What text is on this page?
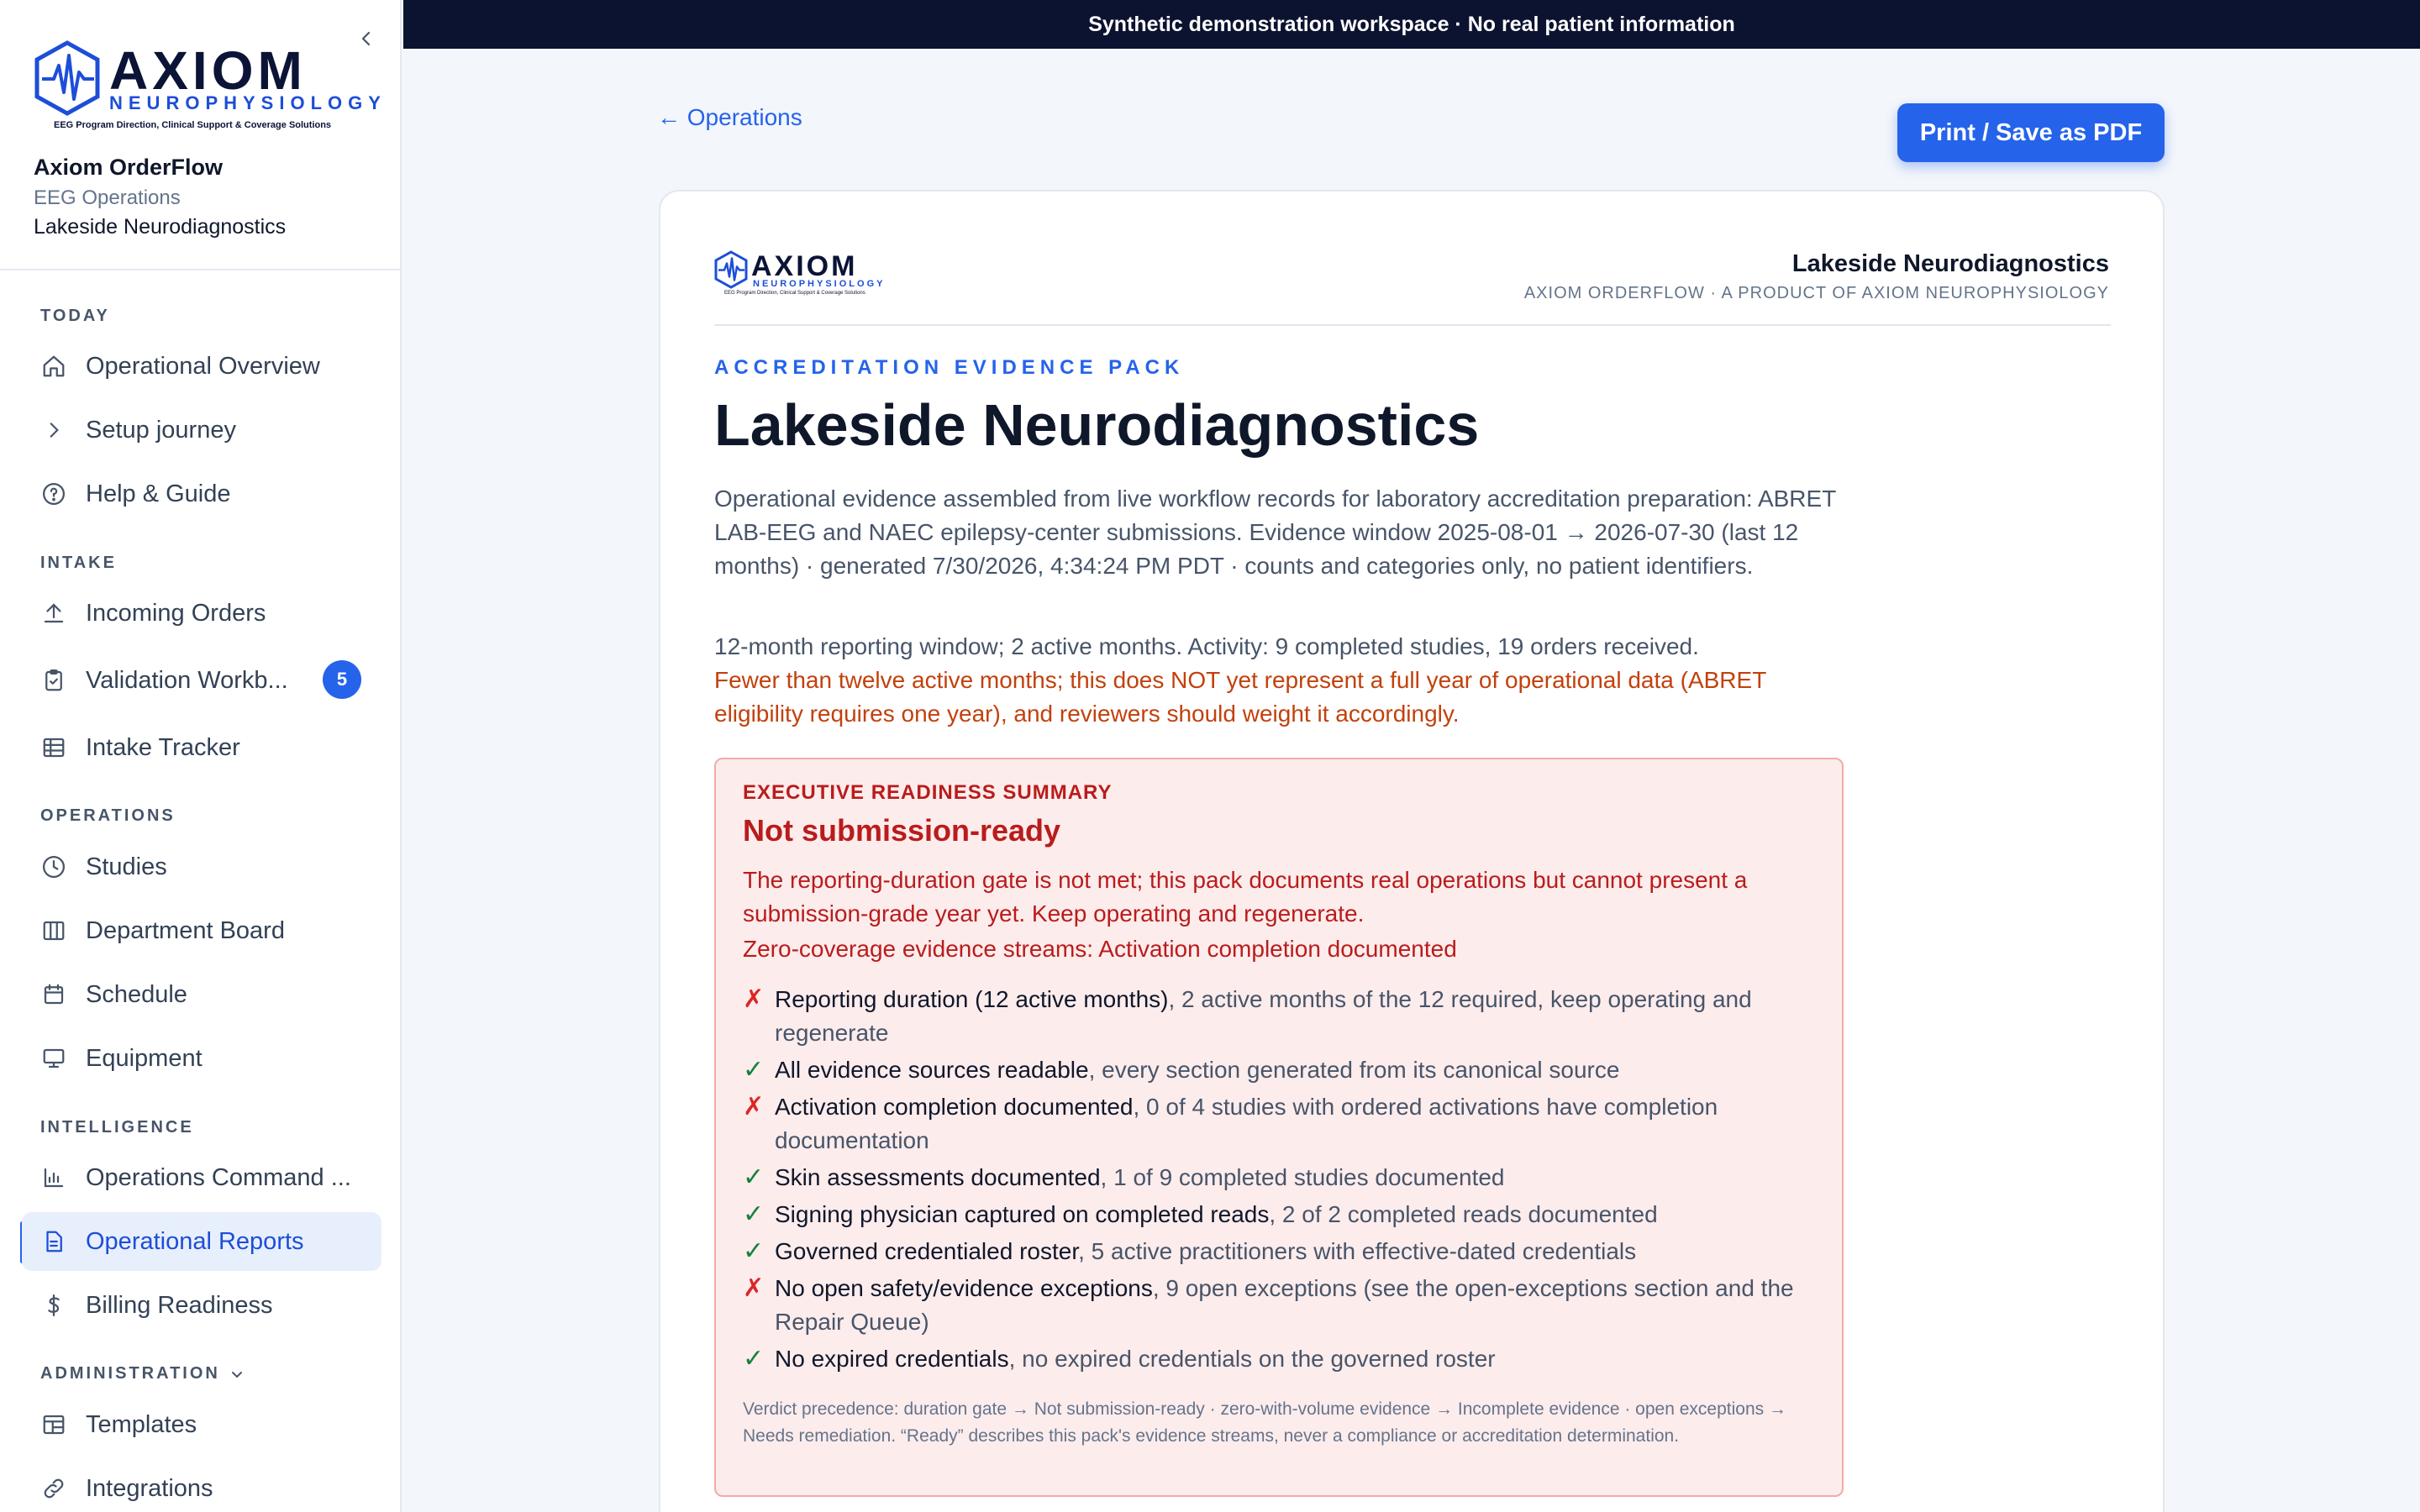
AXIOM
NEUROPHYSIOLOGY
EEG Program Direction, Clinical Support & Coverage Solutions
Axiom OrderFlow
EEG Operations
Lakeside Neurodiagnostics
TODAY
Operational Overview
Setup journey
Help & Guide
INTAKE
Incoming Orders
Validation Workb...	5
Intake Tracker
OPERATIONS
Studies
Department Board
Schedule
Equipment
INTELLIGENCE
Operations Command ...
Operational Reports
Billing Readiness
ADMINISTRATION
Templates
Integrations
Synthetic demonstration workspace · No real patient information
← Operations
Print / Save as PDF
AXIOM
NEUROPHYSIOLOGY
EEG Program Direction, Clinical Support & Coverage Solutions
Lakeside Neurodiagnostics
AXIOM ORDERFLOW · A PRODUCT OF AXIOM NEUROPHYSIOLOGY
ACCREDITATION EVIDENCE PACK
Lakeside Neurodiagnostics

Operational evidence assembled from live workflow records for laboratory accreditation preparation: ABRET LAB-EEG and NAEC epilepsy-center submissions. Evidence window 2025-08-01 → 2026-07-30 (last 12 months) · generated 7/30/2026, 4:34:24 PM PDT · counts and categories only, no patient identifiers.

12-month reporting window; 2 active months. Activity: 9 completed studies, 19 orders received.

Fewer than twelve active months; this does NOT yet represent a full year of operational data (ABRET eligibility requires one year), and reviewers should weight it accordingly.

EXECUTIVE READINESS SUMMARY
Not submission-ready
The reporting-duration gate is not met; this pack documents real operations but cannot present a submission-grade year yet. Keep operating and regenerate.
Zero-coverage evidence streams: Activation completion documented
✗ Reporting duration (12 active months), 2 active months of the 12 required, keep operating and regenerate
✓ All evidence sources readable, every section generated from its canonical source
✗ Activation completion documented, 0 of 4 studies with ordered activations have completion documentation
✓ Skin assessments documented, 1 of 9 completed studies documented
✓ Signing physician captured on completed reads, 2 of 2 completed reads documented
✓ Governed credentialed roster, 5 active practitioners with effective-dated credentials
✗ No open safety/evidence exceptions, 9 open exceptions (see the open-exceptions section and the Repair Queue)
✓ No expired credentials, no expired credentials on the governed roster
Verdict precedence: duration gate → Not submission-ready · zero-with-volume evidence → Incomplete evidence · open exceptions → Needs remediation. “Ready” describes this pack's evidence streams, never a compliance or accreditation determination.
